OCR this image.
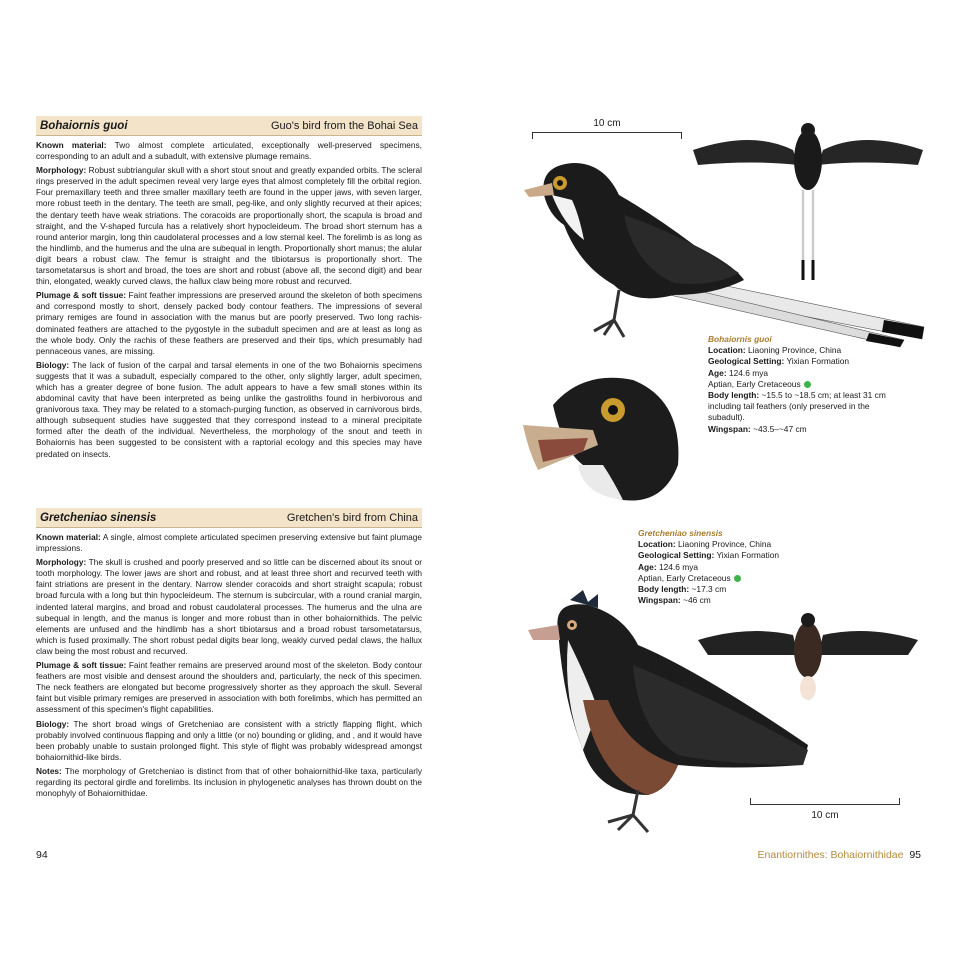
Bohaiornis guoi	Guo's bird from the Bohai Sea

Known material: Two almost complete articulated, exceptionally well-preserved specimens, corresponding to an adult and a subadult, with extensive plumage remains.

Morphology: Robust subtriangular skull with a short stout snout and greatly expanded orbits. The scleral rings preserved in the adult specimen reveal very large eyes that almost completely fill the orbital region. Four premaxillary teeth and three smaller maxillary teeth are found in the upper jaws, with seven larger, more robust teeth in the dentary. The teeth are small, peg-like, and only slightly recurved at their apices; the dentary teeth have weak striations. The coracoids are proportionally short, the scapula is broad and straight, and the V-shaped furcula has a relatively short hypocleideum. The broad short sternum has a round anterior margin, long thin caudolateral processes and a low sternal keel. The forelimb is as long as the hindlimb, and the humerus and the ulna are subequal in length. Proportionally short manus; the alular digit bears a robust claw. The femur is straight and the tibiotarsus is proportionally short. The tarsometatarsus is short and broad, the toes are short and robust (above all, the second digit) and bear thin, elongated, weakly curved claws, the hallux claw being more robust and recurved.

Plumage & soft tissue: Faint feather impressions are preserved around the skeleton of both specimens and correspond mostly to short, densely packed body contour feathers. The impressions of several primary remiges are found in association with the manus but are poorly preserved. Two long rachis-dominated feathers are attached to the pygostyle in the subadult specimen and are at least as long as the whole body. Only the rachis of these feathers are preserved and their tips, which presumably had pennaceous vanes, are missing.

Biology: The lack of fusion of the carpal and tarsal elements in one of the two Bohaiornis specimens suggests that it was a subadult, especially compared to the other, only slightly larger, adult specimen, which has a greater degree of bone fusion. The adult appears to have a few small stones within its abdominal cavity that have been interpreted as being unlike the gastroliths found in herbivorous and granivorous taxa. They may be related to a stomach-purging function, as observed in carnivorous birds, although subsequent studies have suggested that they correspond instead to a mineral precipitate formed after the death of the individual. Nevertheless, the morphology of the snout and teeth in Bohaiornis has been suggested to be consistent with a raptorial ecology and this species may have predated on insects.

Gretcheniao sinensis	Gretchen's bird from China

Known material: A single, almost complete articulated specimen preserving extensive but faint plumage impressions.

Morphology: The skull is crushed and poorly preserved and so little can be discerned about its snout or tooth morphology. The lower jaws are short and robust, and at least three short and recurved teeth with faint striations are present in the dentary. Narrow slender coracoids and short straight scapula; robust broad furcula with a long but thin hypocleideum. The sternum is subcircular, with a round cranial margin, indented lateral margins, and broad and robust caudolateral processes. The humerus and the ulna are subequal in length, and the manus is longer and more robust than in other bohaiornithids. The pelvic elements are unfused and the hindlimb has a short tibiotarsus and a broad robust tarsometatarsus, which is fused proximally. The short robust pedal digits bear long, weakly curved pedal claws, the hallux claw being the most robust and recurved.

Plumage & soft tissue: Faint feather remains are preserved around most of the skeleton. Body contour feathers are most visible and densest around the shoulders and, particularly, the neck of this specimen. The neck feathers are elongated but become progressively shorter as they approach the skull. Several faint but visible primary remiges are preserved in association with both forelimbs, which has permitted an assessment of this specimen's flight capabilities.

Biology: The short broad wings of Gretcheniao are consistent with a strictly flapping flight, which probably involved continuous flapping and only a little (or no) bounding or gliding, and , and it would have been probably unable to sustain prolonged flight. This style of flight was probably widespread amongst bohaiornithid-like birds.

Notes: The morphology of Gretcheniao is distinct from that of other bohaiornithid-like taxa, particularly regarding its pectoral girdle and forelimbs. Its inclusion in phylogenetic analyses has thrown doubt on the monophyly of Bohaiornithidae.

94
10 cm
Bohaiornis guoi
Location: Liaoning Province, China
Geological Setting: Yixian Formation
Age: 124.6 mya
Aptian, Early Cretaceous
Body length: ~15.5 to ~18.5 cm; at least 31 cm including tail feathers (only preserved in the subadult).
Wingspan: ~43.5–~47 cm
Gretcheniao sinensis
Location: Liaoning Province, China
Geological Setting: Yixian Formation
Age: 124.6 mya
Aptian, Early Cretaceous
Body length: ~17.3 cm
Wingspan: ~46 cm
10 cm
Enantiornithes: Bohaiornithidae 95
